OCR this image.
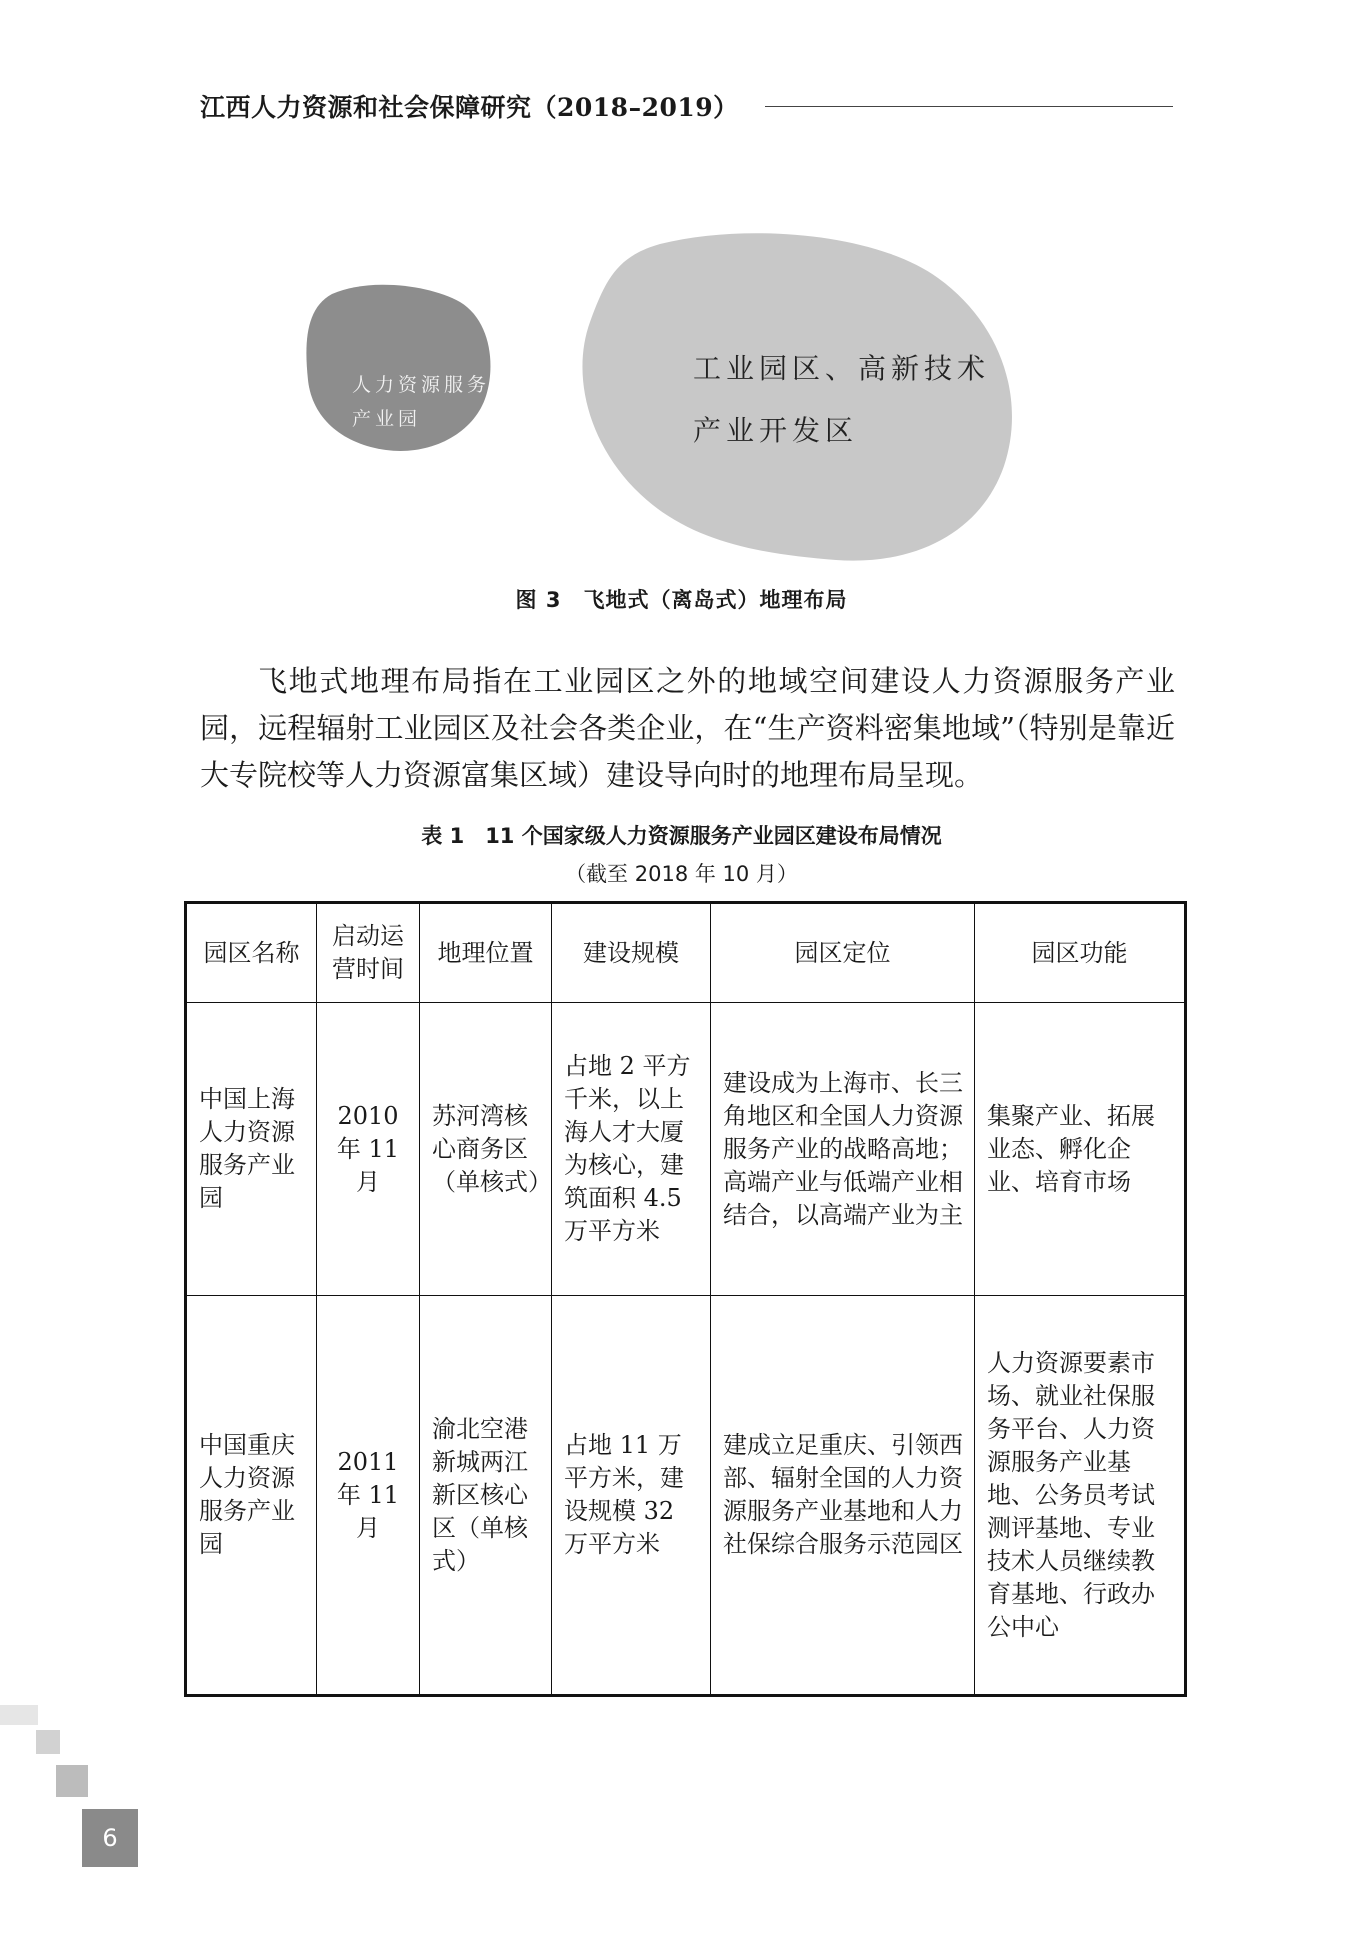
江西人力资源和社会保障研究（2018–2019）
人力资源服务产业园
工业园区、高新技术产业开发区
图 3　飞地式（离岛式）地理布局
飞地式地理布局指在工业园区之外的地域空间建设人力资源服务产业园，远程辐射工业园区及社会各类企业，在“生产资料密集地域”（特别是靠近大专院校等人力资源富集区域）建设导向时的地理布局呈现。
表 1　11 个国家级人力资源服务产业园区建设布局情况
（截至 2018 年 10 月）
园区名称	启动运营时间	地理位置	建设规模	园区定位	园区功能
中国上海人力资源服务产业园	2010 年 11 月	苏河湾核心商务区（单核式）	占地 2 平方千米，以上海人才大厦为核心，建筑面积 4.5 万平方米	建设成为上海市、长三角地区和全国人力资源服务产业的战略高地；高端产业与低端产业相结合，以高端产业为主	集聚产业、拓展业态、孵化企业、培育市场
中国重庆人力资源服务产业园	2011 年 11 月	渝北空港新城两江新区核心区（单核式）	占地 11 万平方米，建设规模 32 万平方米	建成立足重庆、引领西部、辐射全国的人力资源服务产业基地和人力社保综合服务示范园区	人力资源要素市场、就业社保服务平台、人力资源服务产业基地、公务员考试测评基地、专业技术人员继续教育基地、行政办公中心
6
